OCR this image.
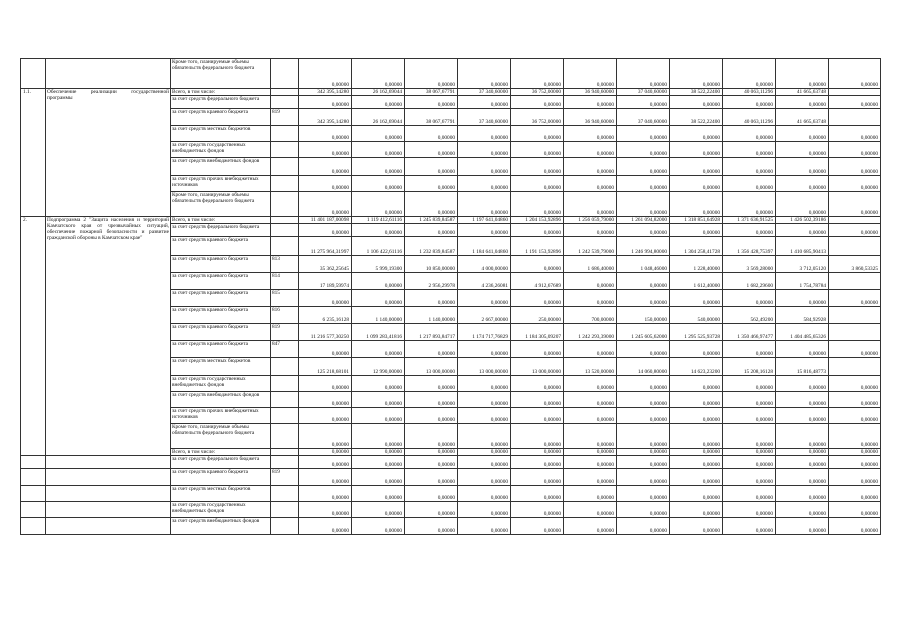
		Кроме того, планируемые объемы обязательств федерального бюджета		0,00000	0,00000	0,00000	0,00000	0,00000	0,00000	0,00000	0,00000	0,00000	0,00000	0,00000
1.1.	Обеспечение реализации государственной программы	Всего, в том числе:		342 395,14280	26 162,69044	38 067,67791	37 340,60000	36 752,00000	36 940,60000	37 040,60000	38 522,22400	40 063,11296	41 665,63748	
		за счет средств федерального бюджета		0,00000	0,00000	0,00000	0,00000	0,00000	0,00000	0,00000	0,00000	0,00000	0,00000	0,00000
		за счет средств краевого бюджета	819	342 395,14280	26 162,69044	38 067,67791	37 340,60000	36 752,00000	36 940,60000	37 040,60000	38 522,22400	40 063,11296	41 665,63748	
		за счет средств местных бюджетов		0,00000	0,00000	0,00000	0,00000	0,00000	0,00000	0,00000	0,00000	0,00000	0,00000	0,00000
		за счет средств государственных внебюджетных фондов		0,00000	0,00000	0,00000	0,00000	0,00000	0,00000	0,00000	0,00000	0,00000	0,00000	0,00000
		за счет средств внебюджетных фондов		0,00000	0,00000	0,00000	0,00000	0,00000	0,00000	0,00000	0,00000	0,00000	0,00000	0,00000
		за счет средств прочих внебюджетных источников		0,00000	0,00000	0,00000	0,00000	0,00000	0,00000	0,00000	0,00000	0,00000	0,00000	0,00000
		Кроме того, планируемые объемы обязательств федерального бюджета		0,00000	0,00000	0,00000	0,00000	0,00000	0,00000	0,00000	0,00000	0,00000	0,00000	0,00000
2.	Подпрограмма 2 "Защита населения и территорий Камчатского края от чрезвычайных ситуаций, обеспечение пожарной безопасности и развитие гражданской обороны в Камчатском крае"	Всего, в том числе:		11 401 187,00098	1 119 412,61116	1 245 839,84587	1 197 641,04860	1 204 153,92896	1 256 059,79000	1 261 094,82000	1 318 851,64928	1 371 636,91525	1 426 502,39186	
		за счет средств федерального бюджета		0,00000	0,00000	0,00000	0,00000	0,00000	0,00000	0,00000	0,00000	0,00000	0,00000	0,00000
		за счет средств краевого бюджета		11 275 964,31997	1 106 422,61116	1 232 839,84587	1 184 641,04860	1 191 153,92896	1 242 539,79000	1 246 994,80000	1 304 258,41728	1 356 428,75397	1 410 685,90413	
		за счет средств краевого бюджета	813	35 362,25645	5 999,19300	10 850,00000	4 000,00000	0,00000	1 686,40000	1 048,46000	1 228,40000	3 569,28000	3 712,05120	3 860,53325
		за счет средств краевого бюджета	814	17 189,59974	0,00000	2 956,29978	4 236,26081	4 912,67689	0,00000	0,00000	1 612,40000	1 682,29600	1 754,78784	
		за счет средств краевого бюджета	815	0,00000	0,00000	0,00000	0,00000	0,00000	0,00000	0,00000	0,00000	0,00000	0,00000	0,00000
		за счет средств краевого бюджета	816	6 235,16128	1 140,00000	1 140,00000	2 667,00000	250,00000	700,00000	150,00000	540,00000	562,49200	584,92928	
		за счет средств краевого бюджета	819	11 216 577,30250	1 099 283,41816	1 217 893,84717	1 174 717,76829	1 184 305,09207	1 242 293,39000	1 245 605,62000	1 295 525,93728	1 350 466,97477	1 404 485,65326	
		за счет средств краевого бюджета	847	0,00000	0,00000	0,00000	0,00000	0,00000	0,00000	0,00000	0,00000	0,00000	0,00000	0,00000
		за счет средств местных бюджетов		125 218,68101	12 990,00000	13 000,00000	13 000,00000	13 000,00000	13 520,00000	14 060,80000	14 623,23200	15 208,16128	15 816,48773	
		за счет средств государственных внебюджетных фондов		0,00000	0,00000	0,00000	0,00000	0,00000	0,00000	0,00000	0,00000	0,00000	0,00000	0,00000
		за счет средств внебюджетных фондов		0,00000	0,00000	0,00000	0,00000	0,00000	0,00000	0,00000	0,00000	0,00000	0,00000	0,00000
		за счет средств прочих внебюджетных источников		0,00000	0,00000	0,00000	0,00000	0,00000	0,00000	0,00000	0,00000	0,00000	0,00000	0,00000
		Кроме того, планируемые объемы обязательств федерального бюджета		0,00000	0,00000	0,00000	0,00000	0,00000	0,00000	0,00000	0,00000	0,00000	0,00000	0,00000
		Всего, в том числе:		0,00000	0,00000	0,00000	0,00000	0,00000	0,00000	0,00000	0,00000	0,00000	0,00000	0,00000
		за счет средств федерального бюджета		0,00000	0,00000	0,00000	0,00000	0,00000	0,00000	0,00000	0,00000	0,00000	0,00000	0,00000
		за счет средств краевого бюджета	819	0,00000	0,00000	0,00000	0,00000	0,00000	0,00000	0,00000	0,00000	0,00000	0,00000	0,00000
		за счет средств местных бюджетов		0,00000	0,00000	0,00000	0,00000	0,00000	0,00000	0,00000	0,00000	0,00000	0,00000	0,00000
		за счет средств государственных внебюджетных фондов		0,00000	0,00000	0,00000	0,00000	0,00000	0,00000	0,00000	0,00000	0,00000	0,00000	0,00000
		за счет средств внебюджетных фондов		0,00000	0,00000	0,00000	0,00000	0,00000	0,00000	0,00000	0,00000	0,00000	0,00000	0,00000
